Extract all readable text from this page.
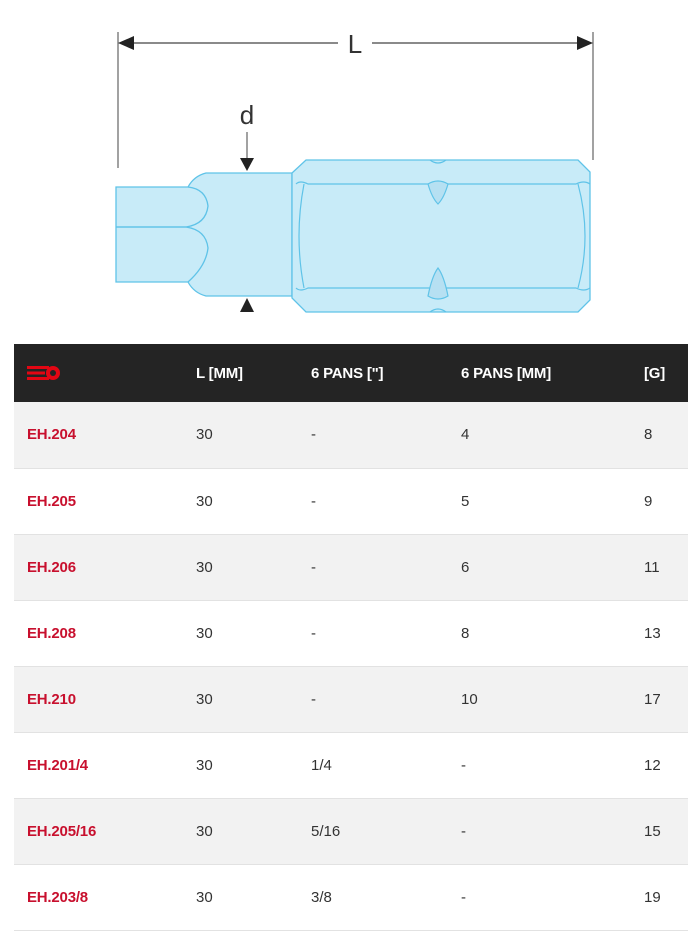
L
d
	L [MM]	6 PANS ["]	6 PANS [MM]	[G]
EH.204	30	-	4	8
EH.205	30	-	5	9
EH.206	30	-	6	11
EH.208	30	-	8	13
EH.210	30	-	10	17
EH.201/4	30	1/4	-	12
EH.205/16	30	5/16	-	15
EH.203/8	30	3/8	-	19
